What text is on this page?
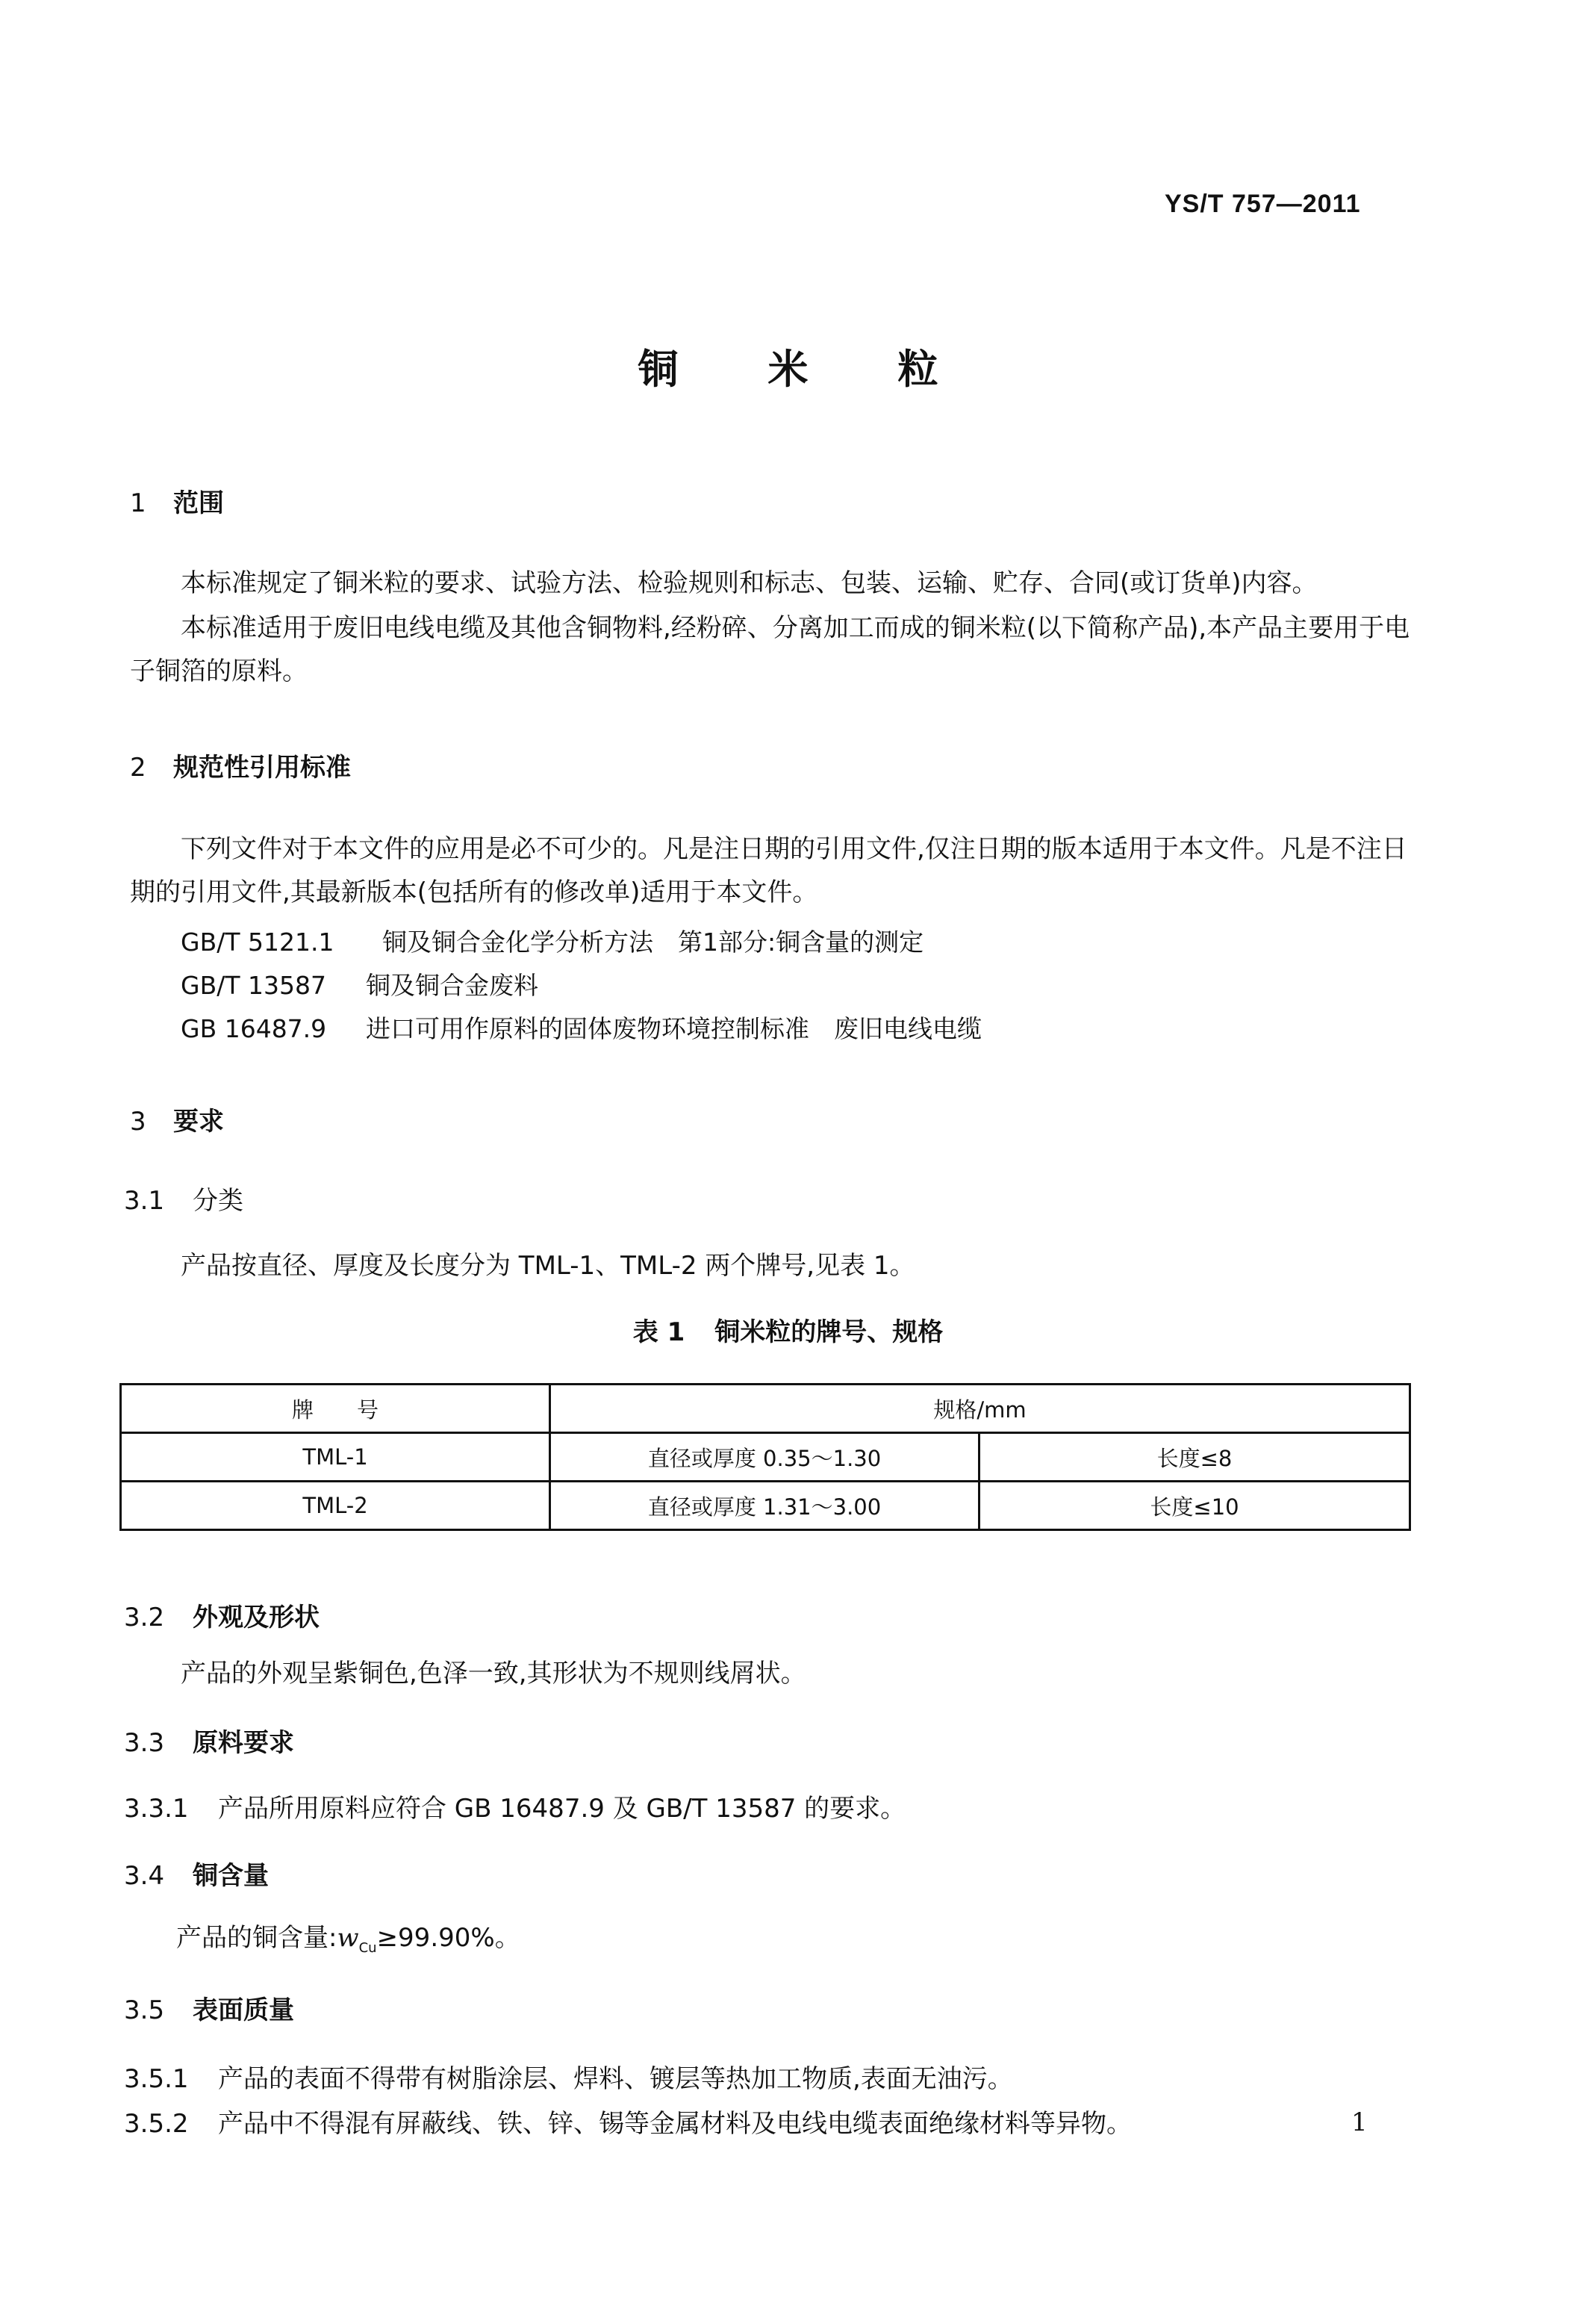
YS/T 757—2011
铜米粒
1 范围
本标准规定了铜米粒的要求、试验方法、检验规则和标志、包装、运输、贮存、合同(或订货单)内容。
本标准适用于废旧电线电缆及其他含铜物料,经粉碎、分离加工而成的铜米粒(以下简称产品),本产品主要用于电子铜箔的原料。
2 规范性引用标准
下列文件对于本文件的应用是必不可少的。凡是注日期的引用文件,仅注日期的版本适用于本文件。凡是不注日期的引用文件,其最新版本(包括所有的修改单)适用于本文件。
GB/T 5121.1 铜及铜合金化学分析方法　第1部分:铜含量的测定
GB/T 13587 铜及铜合金废料
GB 16487.9 进口可用作原料的固体废物环境控制标准　废旧电线电缆
3 要求
3.1 分类
产品按直径、厚度及长度分为 TML-1、TML-2 两个牌号,见表 1。
表 1 铜米粒的牌号、规格
牌　　号	规格/mm	
TML-1	直径或厚度 0.35～1.30	长度≤8
TML-2	直径或厚度 1.31～3.00	长度≤10
3.2 外观及形状
产品的外观呈紫铜色,色泽一致,其形状为不规则线屑状。
3.3 原料要求
3.3.1 产品所用原料应符合 GB 16487.9 及 GB/T 13587 的要求。
3.4 铜含量
产品的铜含量$:w_{Cu}\ge 99.90\%$。
3.5 表面质量
3.5.1 产品的表面不得带有树脂涂层、焊料、镀层等热加工物质,表面无油污。
3.5.2 产品中不得混有屏蔽线、铁、锌、锡等金属材料及电线电缆表面绝缘材料等异物。	1
